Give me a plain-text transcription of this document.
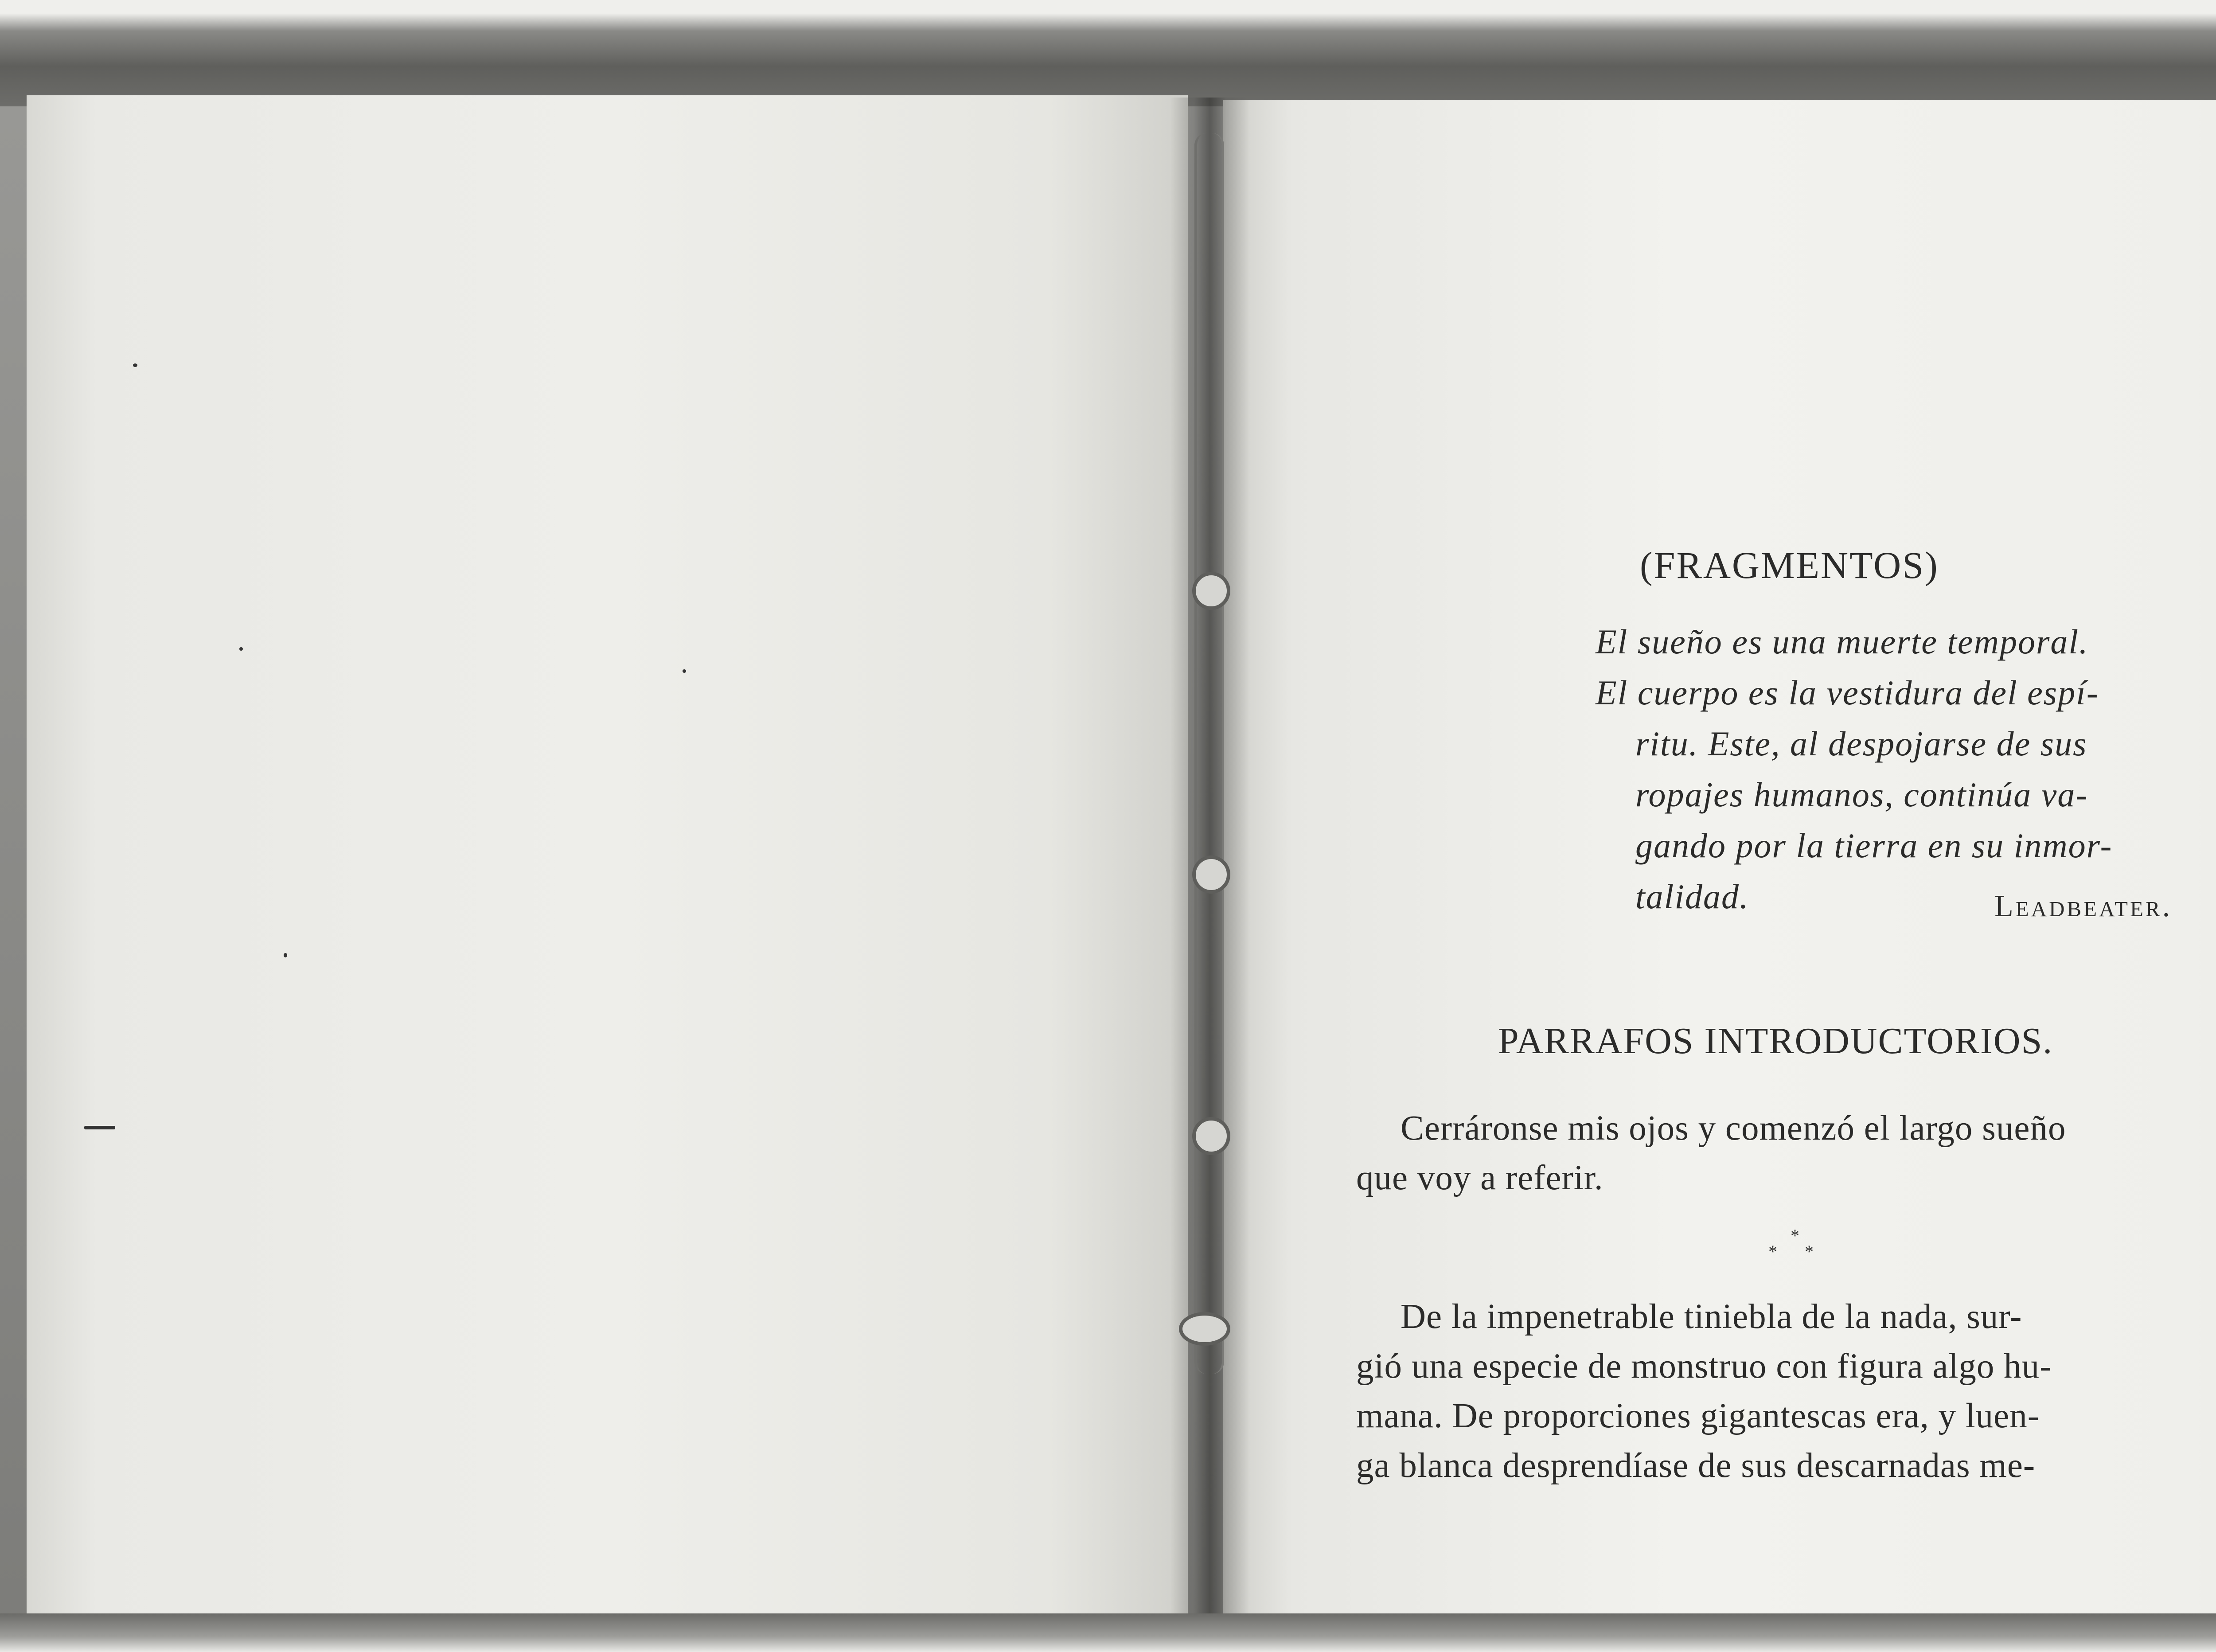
(FRAGMENTOS)

El sueño es una muerte temporal.
El cuerpo es la vestidura del espí-
ritu. Este, al despojarse de sus
ropajes humanos, continúa va-
gando por la tierra en su inmor-
talidad.	Leadbeater.

PARRAFOS INTRODUCTORIOS.

Cerráronse mis ojos y comenzó el largo sueño
que voy a referir.
*
* *
De la impenetrable tiniebla de la nada, sur-
gió una especie de monstruo con figura algo hu-
mana. De proporciones gigantescas era, y luen-
ga blanca desprendíase de sus descarnadas me-
